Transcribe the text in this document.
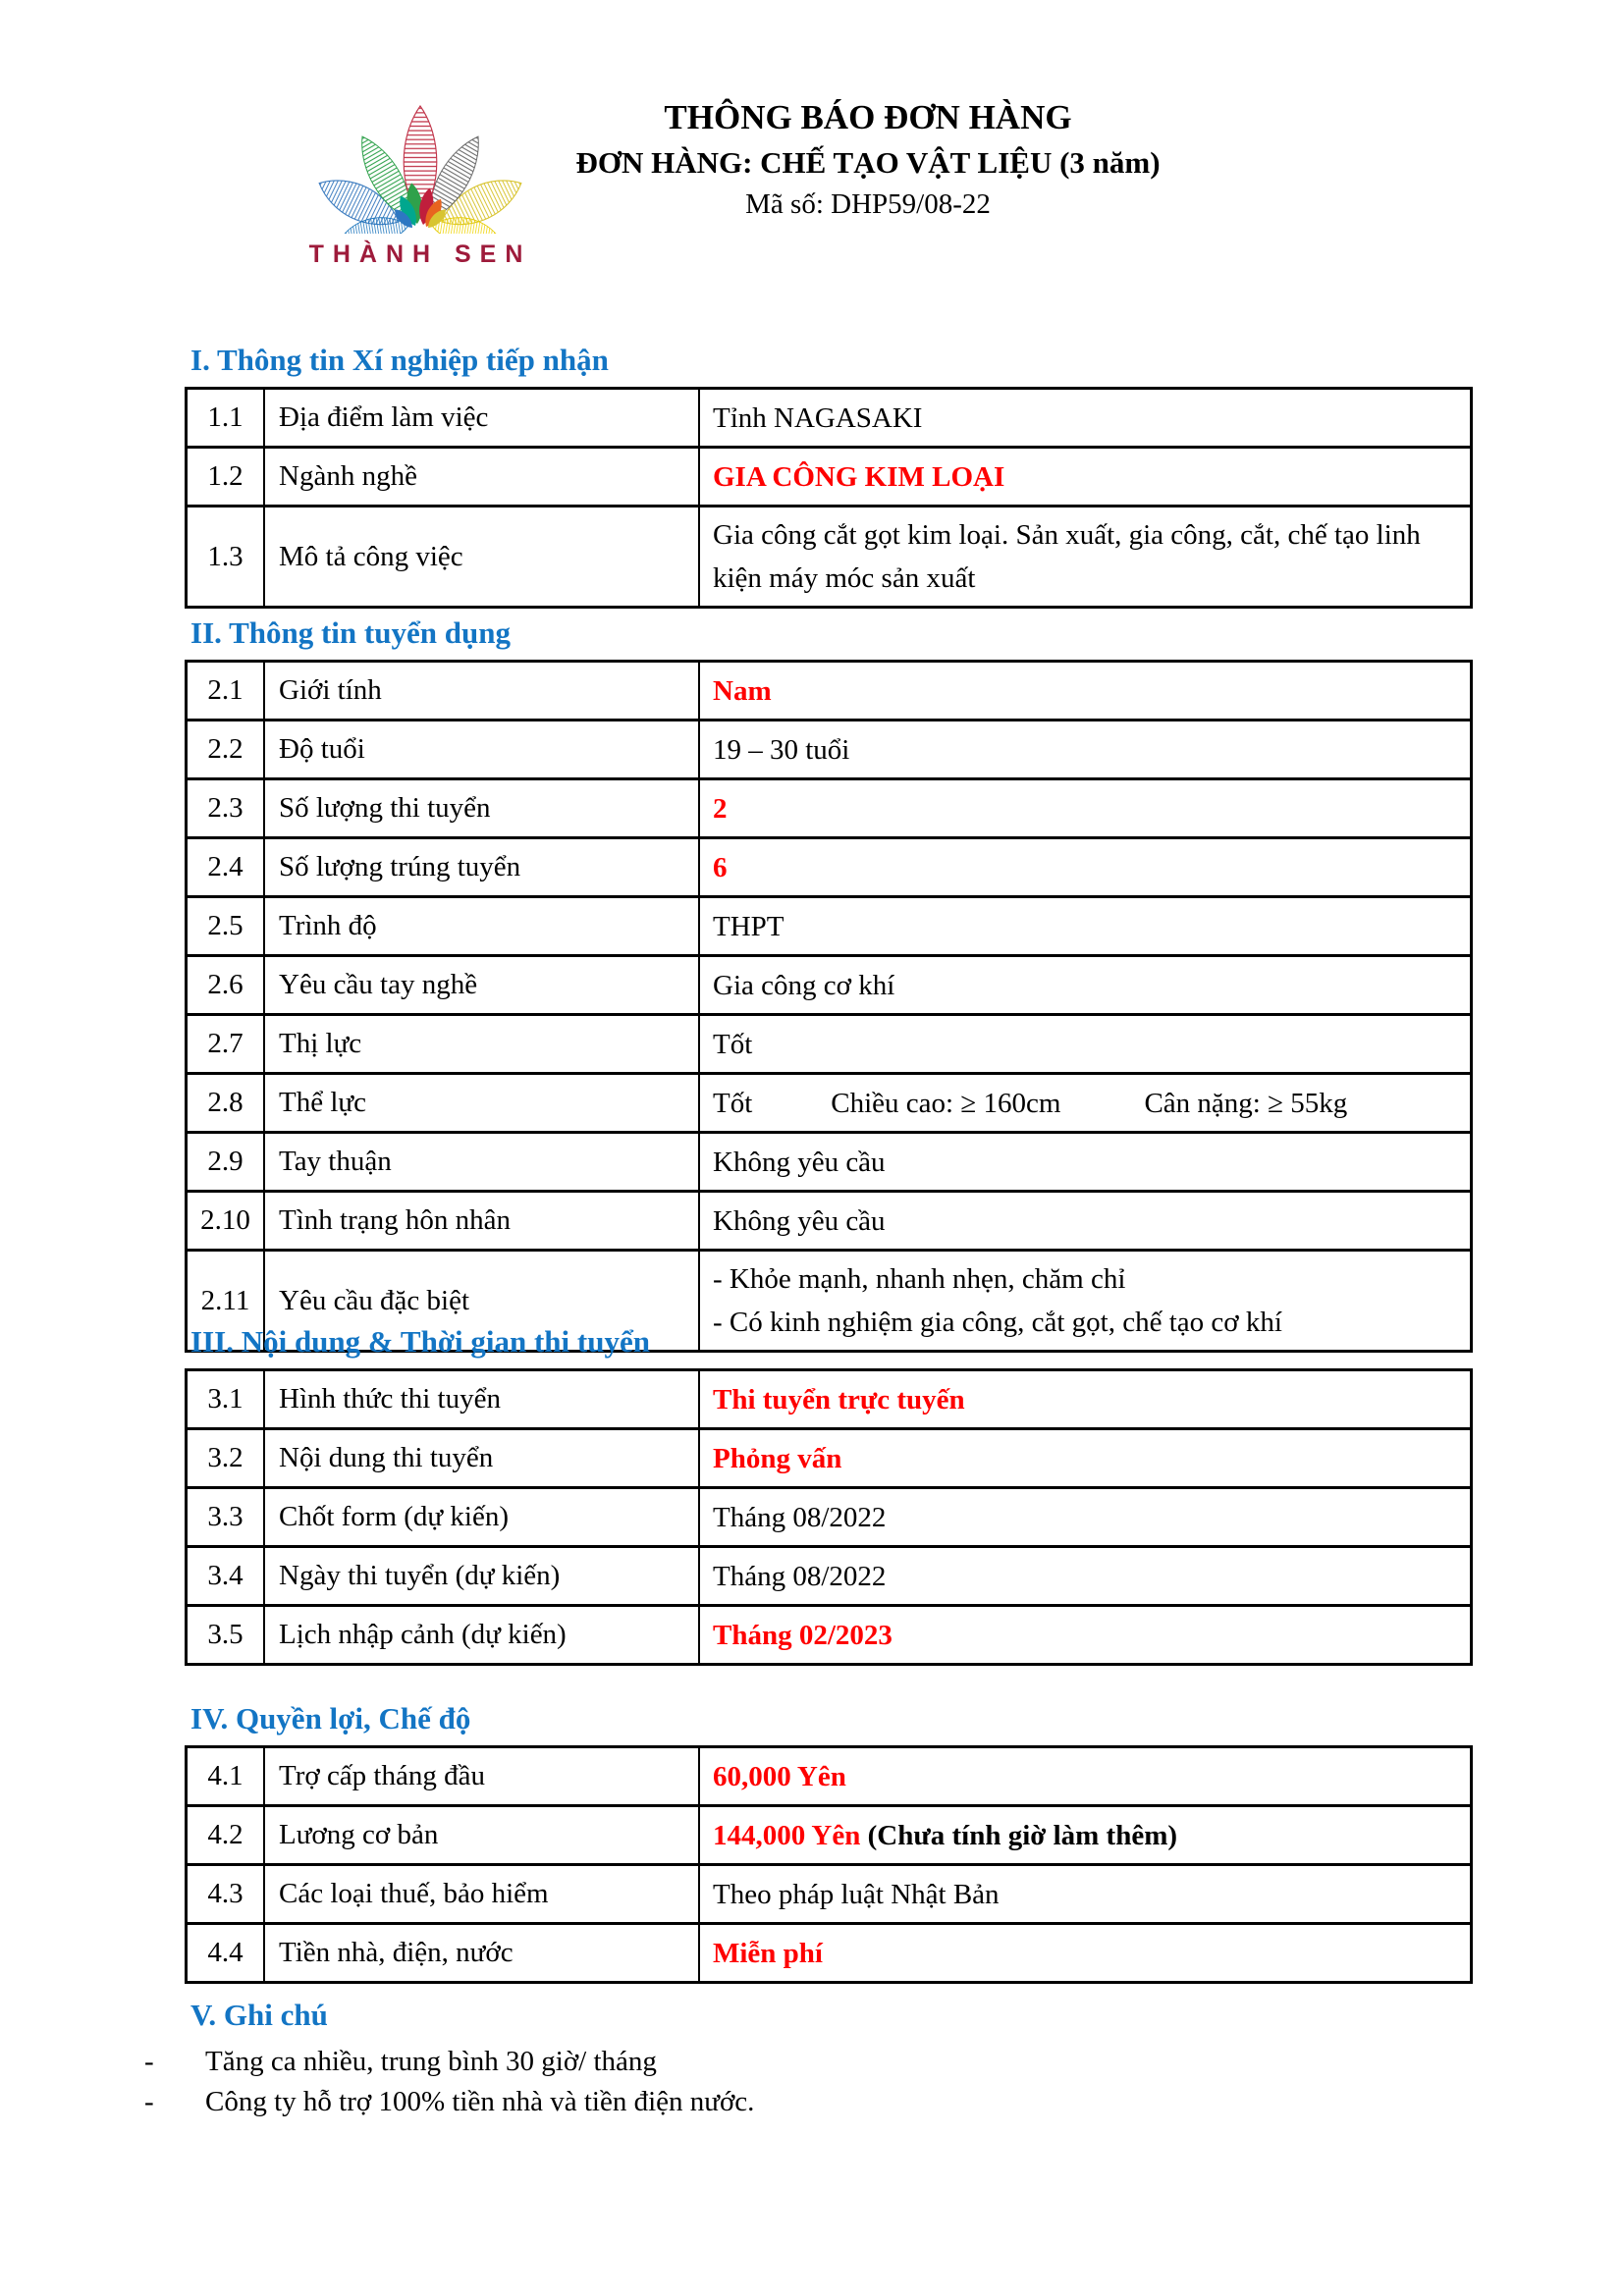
THÀNH SEN
THÔNG BÁO ĐƠN HÀNG
ĐƠN HÀNG: CHẾ TẠO VẬT LIỆU (3 năm)
Mã số: DHP59/08-22
I. Thông tin Xí nghiệp tiếp nhận
1.1	Địa điểm làm việc	Tỉnh NAGASAKI

1.2	Ngành nghề	GIA CÔNG KIM LOẠI

1.3	Mô tả công việc	Gia công cắt gọt kim loại. Sản xuất, gia công, cắt, chế tạo linh kiện máy móc sản xuất
II. Thông tin tuyển dụng
2.1	Giới tính	Nam

2.2	Độ tuổi	19 – 30 tuổi

2.3	Số lượng thi tuyển	2

2.4	Số lượng trúng tuyển	6

2.5	Trình độ	THPT

2.6	Yêu cầu tay nghề	Gia công cơ khí

2.7	Thị lực	Tốt

2.8	Thể lực	Tốt Chiều cao: ≥ 160cm Cân nặng: ≥ 55kg

2.9	Tay thuận	Không yêu cầu

2.10	Tình trạng hôn nhân	Không yêu cầu

2.11	Yêu cầu đặc biệt	- Khỏe mạnh, nhanh nhẹn, chăm chỉ
- Có kinh nghiệm gia công, cắt gọt, chế tạo cơ khí
III. Nội dung & Thời gian thi tuyển
3.1	Hình thức thi tuyển	Thi tuyển trực tuyến

3.2	Nội dung thi tuyển	Phỏng vấn

3.3	Chốt form (dự kiến)	Tháng 08/2022

3.4	Ngày thi tuyển (dự kiến)	Tháng 08/2022

3.5	Lịch nhập cảnh (dự kiến)	Tháng 02/2023
IV. Quyền lợi, Chế độ
4.1	Trợ cấp tháng đầu	60,000 Yên

4.2	Lương cơ bản	144,000 Yên (Chưa tính giờ làm thêm)

4.3	Các loại thuế, bảo hiểm	Theo pháp luật Nhật Bản

4.4	Tiền nhà, điện, nước	Miễn phí
V. Ghi chú
-	Tăng ca nhiều, trung bình 30 giờ/ tháng
-	Công ty hỗ trợ 100% tiền nhà và tiền điện nước.
